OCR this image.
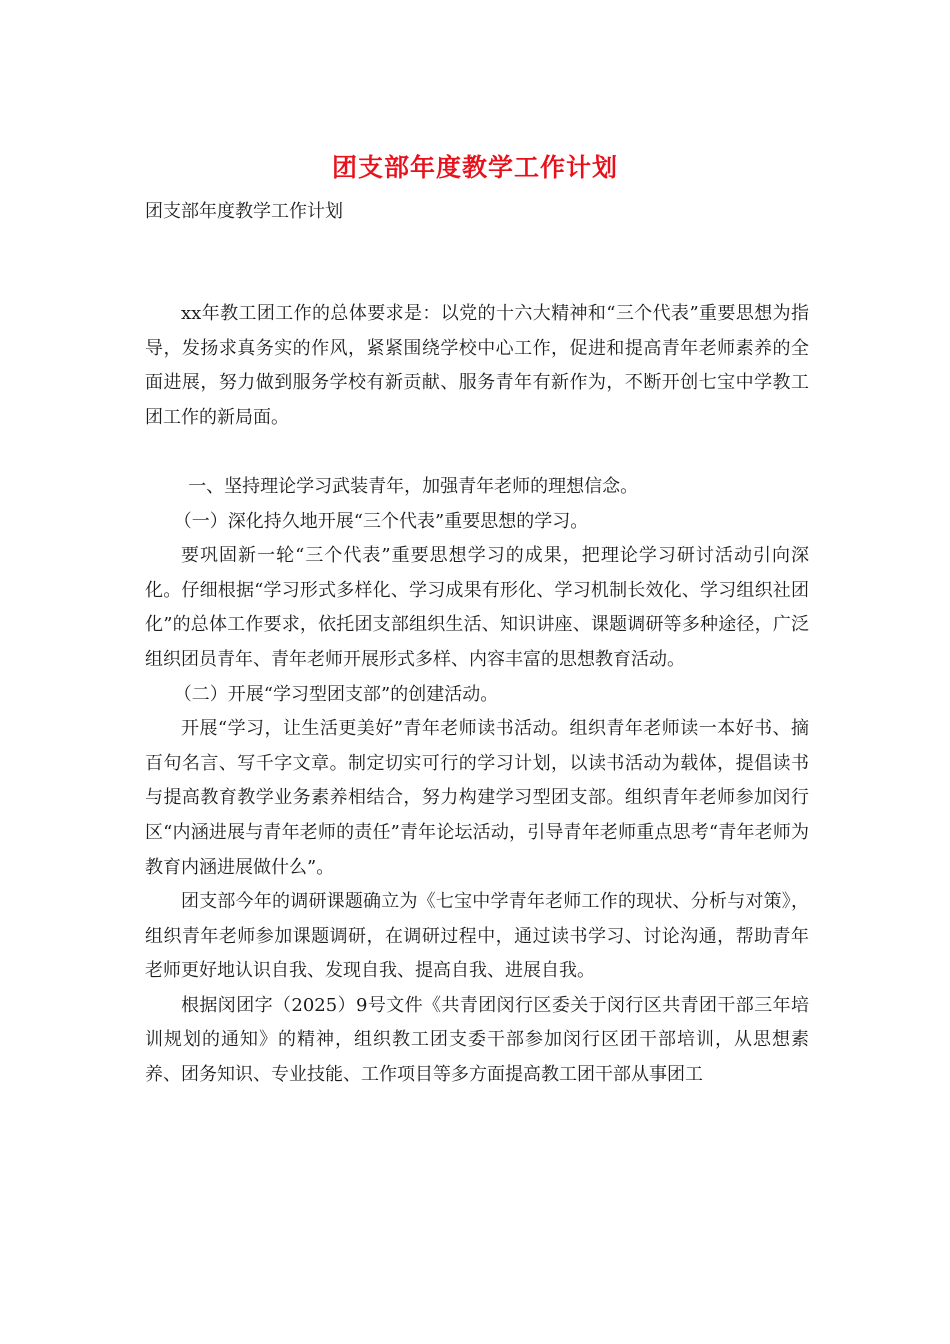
团支部年度教学工作计划
团支部年度教学工作计划

xx年教工团工作的总体要求是：以党的十六大精神和“三个代表”重要思想为指导，发扬求真务实的作风，紧紧围绕学校中心工作，促进和提高青年老师素养的全面进展，努力做到服务学校有新贡献、服务青年有新作为，不断开创七宝中学教工团工作的新局面。

一、坚持理论学习武装青年，加强青年老师的理想信念。

（一）深化持久地开展“三个代表”重要思想的学习。

要巩固新一轮“三个代表”重要思想学习的成果，把理论学习研讨活动引向深化。仔细根据“学习形式多样化、学习成果有形化、学习机制长效化、学习组织社团化”的总体工作要求，依托团支部组织生活、知识讲座、课题调研等多种途径，广泛组织团员青年、青年老师开展形式多样、内容丰富的思想教育活动。

（二）开展“学习型团支部”的创建活动。

开展“学习，让生活更美好”青年老师读书活动。组织青年老师读一本好书、摘百句名言、写千字文章。制定切实可行的学习计划，以读书活动为载体，提倡读书与提高教育教学业务素养相结合，努力构建学习型团支部。组织青年老师参加闵行区“内涵进展与青年老师的责任”青年论坛活动，引导青年老师重点思考“青年老师为教育内涵进展做什么”。

团支部今年的调研课题确立为《七宝中学青年老师工作的现状、分析与对策》，组织青年老师参加课题调研，在调研过程中，通过读书学习、讨论沟通，帮助青年老师更好地认识自我、发现自我、提高自我、进展自我。

根据闵团字（2025）9号文件《共青团闵行区委关于闵行区共青团干部三年培训规划的通知》的精神，组织教工团支委干部参加闵行区团干部培训，从思想素养、团务知识、专业技能、工作项目等多方面提高教工团干部从事团工
